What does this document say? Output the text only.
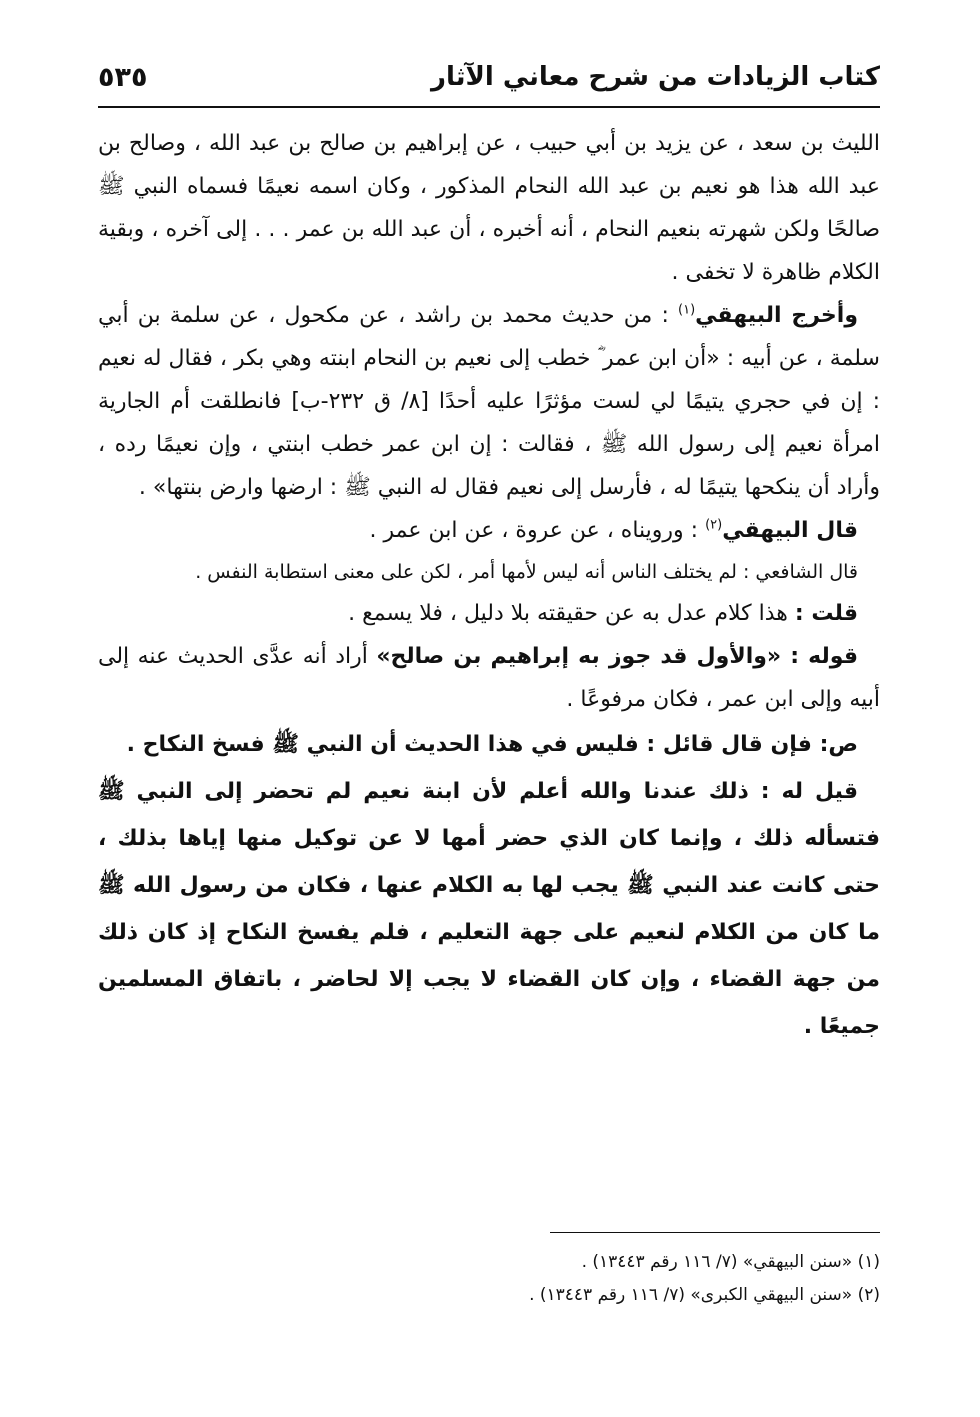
كتاب الزيادات من شرح معاني الآثار
٥٣٥

الليث بن سعد ، عن يزيد بن أبي حبيب ، عن إبراهيم بن صالح بن عبد الله ، وصالح بن عبد الله هذا هو نعيم بن عبد الله النحام المذكور ، وكان اسمه نعيمًا فسماه النبي ﷺ صالحًا ولكن شهرته بنعيم النحام ، أنه أخبره ، أن عبد الله بن عمر . . . إلى آخره ، وبقية الكلام ظاهرة لا تخفى .

وأخرج البيهقي$^{(١)}$ : من حديث محمد بن راشد ، عن مكحول ، عن سلمة بن أبي سلمة ، عن أبيه : «أن ابن عمر ؓ خطب إلى نعيم بن النحام ابنته وهي بكر ، فقال له نعيم : إن في حجري يتيمًا لي لست مؤثرًا عليه أحدًا [٨/ ق ٢٣٢-ب] فانطلقت أم الجارية امرأة نعيم إلى رسول الله ﷺ ، فقالت : إن ابن عمر خطب ابنتي ، وإن نعيمًا رده ، وأراد أن ينكحها يتيمًا له ، فأرسل إلى نعيم فقال له النبي ﷺ : ارضها وارض بنتها» .

قال البيهقي$^{(٢)}$ : ورويناه ، عن عروة ، عن ابن عمر .

قال الشافعي : لم يختلف الناس أنه ليس لأمها أمر ، لكن على معنى استطابة النفس .

قلت : هذا كلام عدل به عن حقيقته بلا دليل ، فلا يسمع .

قوله : «والأول قد جوز به إبراهيم بن صالح» أراد أنه عدَّى الحديث عنه إلى أبيه وإلى ابن عمر ، فكان مرفوعًا .

ص: فإن قال قائل : فليس في هذا الحديث أن النبي ﷺ فسخ النكاح .

قيل له : ذلك عندنا والله أعلم لأن ابنة نعيم لم تحضر إلى النبي ﷺ فتسأله ذلك ، وإنما كان الذي حضر أمها لا عن توكيل منها إياها بذلك ، حتى كانت عند النبي ﷺ يجب لها به الكلام عنها ، فكان من رسول الله ﷺ ما كان من الكلام لنعيم على جهة التعليم ، فلم يفسخ النكاح إذ كان ذلك من جهة القضاء ، وإن كان القضاء لا يجب إلا لحاضر ، باتفاق المسلمين جميعًا .

(١) «سنن البيهقي» (٧/ ١١٦ رقم ١٣٤٤٣) .

(٢) «سنن البيهقي الكبرى» (٧/ ١١٦ رقم ١٣٤٤٣) .
